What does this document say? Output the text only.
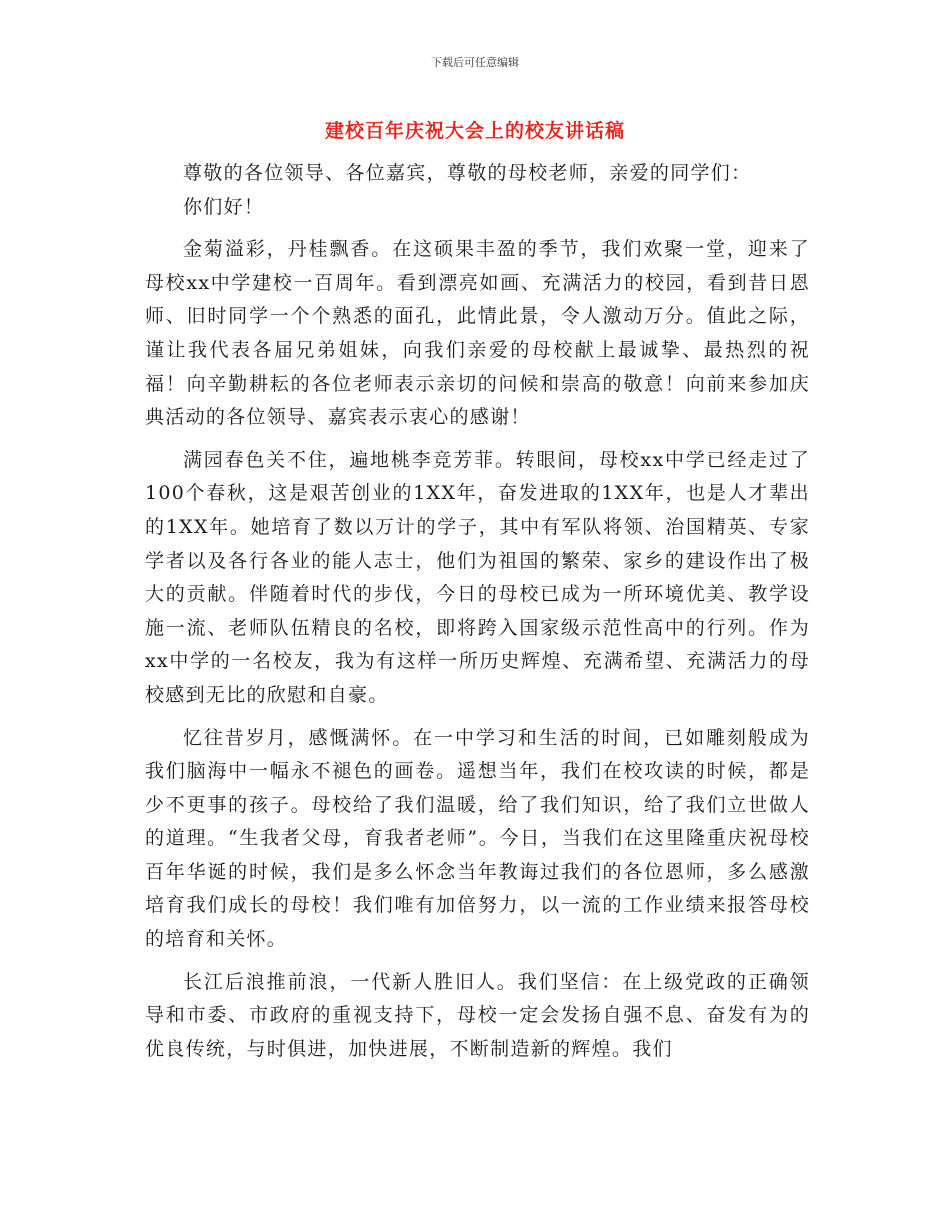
下载后可任意编辑
建校百年庆祝大会上的校友讲话稿

尊敬的各位领导、各位嘉宾，尊敬的母校老师，亲爱的同学们：

你们好！

金菊溢彩，丹桂飘香。在这硕果丰盈的季节，我们欢聚一堂，迎来了母校xx中学建校一百周年。看到漂亮如画、充满活力的校园，看到昔日恩师、旧时同学一个个熟悉的面孔，此情此景，令人激动万分。值此之际，谨让我代表各届兄弟姐妹，向我们亲爱的母校献上最诚挚、最热烈的祝福！向辛勤耕耘的各位老师表示亲切的问候和崇高的敬意！向前来参加庆典活动的各位领导、嘉宾表示衷心的感谢！

满园春色关不住，遍地桃李竞芳菲。转眼间，母校xx中学已经走过了100个春秋，这是艰苦创业的1XX年，奋发进取的1XX年，也是人才辈出的1XX年。她培育了数以万计的学子，其中有军队将领、治国精英、专家学者以及各行各业的能人志士，他们为祖国的繁荣、家乡的建设作出了极大的贡献。伴随着时代的步伐，今日的母校已成为一所环境优美、教学设施一流、老师队伍精良的名校，即将跨入国家级示范性高中的行列。作为xx中学的一名校友，我为有这样一所历史辉煌、充满希望、充满活力的母校感到无比的欣慰和自豪。

忆往昔岁月，感慨满怀。在一中学习和生活的时间，已如雕刻般成为我们脑海中一幅永不褪色的画卷。遥想当年，我们在校攻读的时候，都是少不更事的孩子。母校给了我们温暖，给了我们知识，给了我们立世做人的道理。“生我者父母，育我者老师”。今日，当我们在这里隆重庆祝母校百年华诞的时候，我们是多么怀念当年教诲过我们的各位恩师，多么感激培育我们成长的母校！我们唯有加倍努力，以一流的工作业绩来报答母校的培育和关怀。

长江后浪推前浪，一代新人胜旧人。我们坚信：在上级党政的正确领导和市委、市政府的重视支持下，母校一定会发扬自强不息、奋发有为的优良传统，与时俱进，加快进展，不断制造新的辉煌。我们
